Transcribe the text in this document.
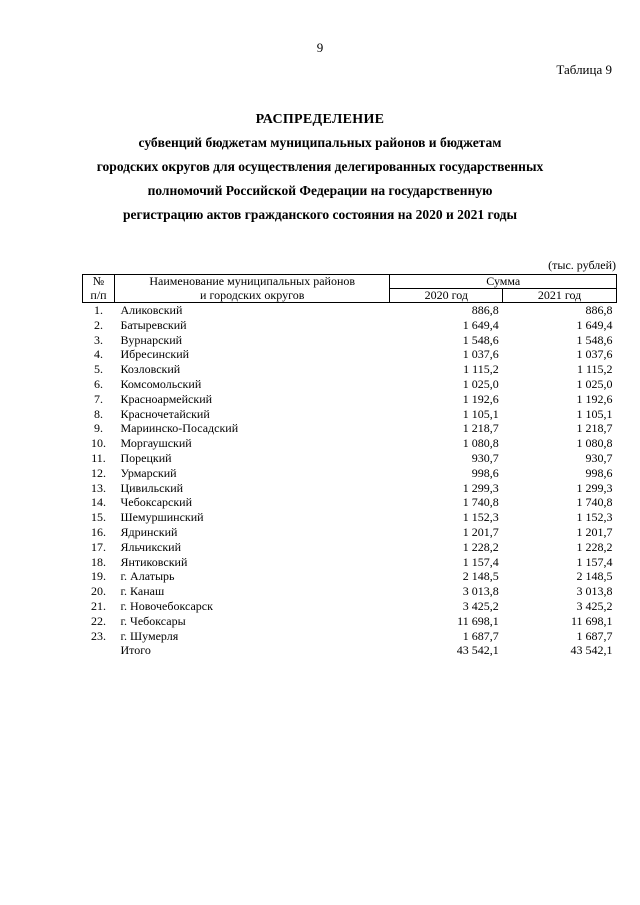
9
Таблица 9
РАСПРЕДЕЛЕНИЕ
субвенций бюджетам муниципальных районов и бюджетам
городских округов для осуществления делегированных государственных
полномочий Российской Федерации на государственную
регистрацию актов гражданского состояния на 2020 и 2021 годы
(тыс. рублей)
№	Наименование муниципальных районов	Сумма	
п/п	и городских округов	2020 год	2021 год
1.	Аликовский	886,8	886,8
2.	Батыревский	1 649,4	1 649,4
3.	Вурнарский	1 548,6	1 548,6
4.	Ибресинский	1 037,6	1 037,6
5.	Козловский	1 115,2	1 115,2
6.	Комсомольский	1 025,0	1 025,0
7.	Красноармейский	1 192,6	1 192,6
8.	Красночетайский	1 105,1	1 105,1
9.	Мариинско-Посадский	1 218,7	1 218,7
10.	Моргаушский	1 080,8	1 080,8
11.	Порецкий	930,7	930,7
12.	Урмарский	998,6	998,6
13.	Цивильский	1 299,3	1 299,3
14.	Чебоксарский	1 740,8	1 740,8
15.	Шемуршинский	1 152,3	1 152,3
16.	Ядринский	1 201,7	1 201,7
17.	Яльчикский	1 228,2	1 228,2
18.	Янтиковский	1 157,4	1 157,4
19.	г. Алатырь	2 148,5	2 148,5
20.	г. Канаш	3 013,8	3 013,8
21.	г. Новочебоксарск	3 425,2	3 425,2
22.	г. Чебоксары	11 698,1	11 698,1
23.	г. Шумерля	1 687,7	1 687,7
	Итого	43 542,1	43 542,1
